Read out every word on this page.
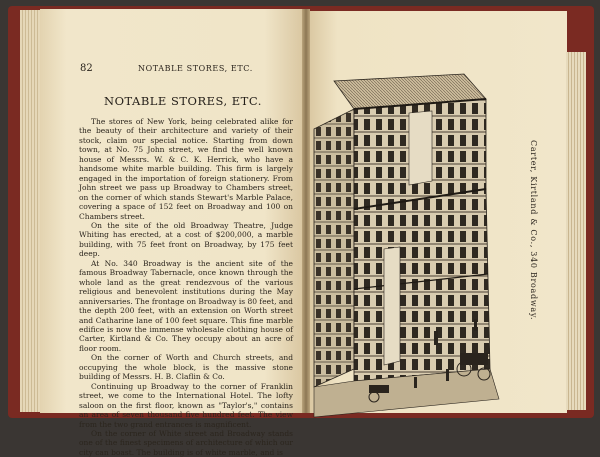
82	NOTABLE STORES, ETC.
NOTABLE STORES, ETC.

The stores of New York, being celebrated alike for the beauty of their architecture and variety of their stock, claim our special notice. Starting from down town, at No. 75 John street, we find the well known house of Messrs. W. & C. K. Herrick, who have a handsome white marble building. This firm is largely engaged in the importation of foreign stationery. From John street we pass up Broadway to Chambers street, on the corner of which stands Stewart's Marble Palace, covering a space of 152 feet on Broadway and 100 on Chambers street.

On the site of the old Broadway Theatre, Judge Whiting has erected, at a cost of $200,000, a marble building, with 75 feet front on Broadway, by 175 feet deep.

At No. 340 Broadway is the ancient site of the famous Broadway Tabernacle, once known through the whole land as the great rendezvous of the various religious and benevolent institutions during the May anniversaries. The frontage on Broadway is 80 feet, and the depth 200 feet, with an extension on Worth street and Catharine lane of 100 feet square. This fine marble edifice is now the immense wholesale clothing house of Carter, Kirtland & Co. They occupy about an acre of floor room.

On the corner of Worth and Church streets, and occupying the whole block, is the massive stone building of Messrs. H. B. Claflin & Co.

Continuing up Broadway to the corner of Franklin street, we come to the International Hotel. The lofty saloon on the first floor, known as "Taylor's," contains an area of seven thousand five hundred feet. The view from the two grand entrances is magnificent.

On the corner of White street and Broadway stands one of the finest specimens of architecture of which our city can boast. The building is of white marble, and is

Carter, Kirtland & Co., 340 Broadway.
